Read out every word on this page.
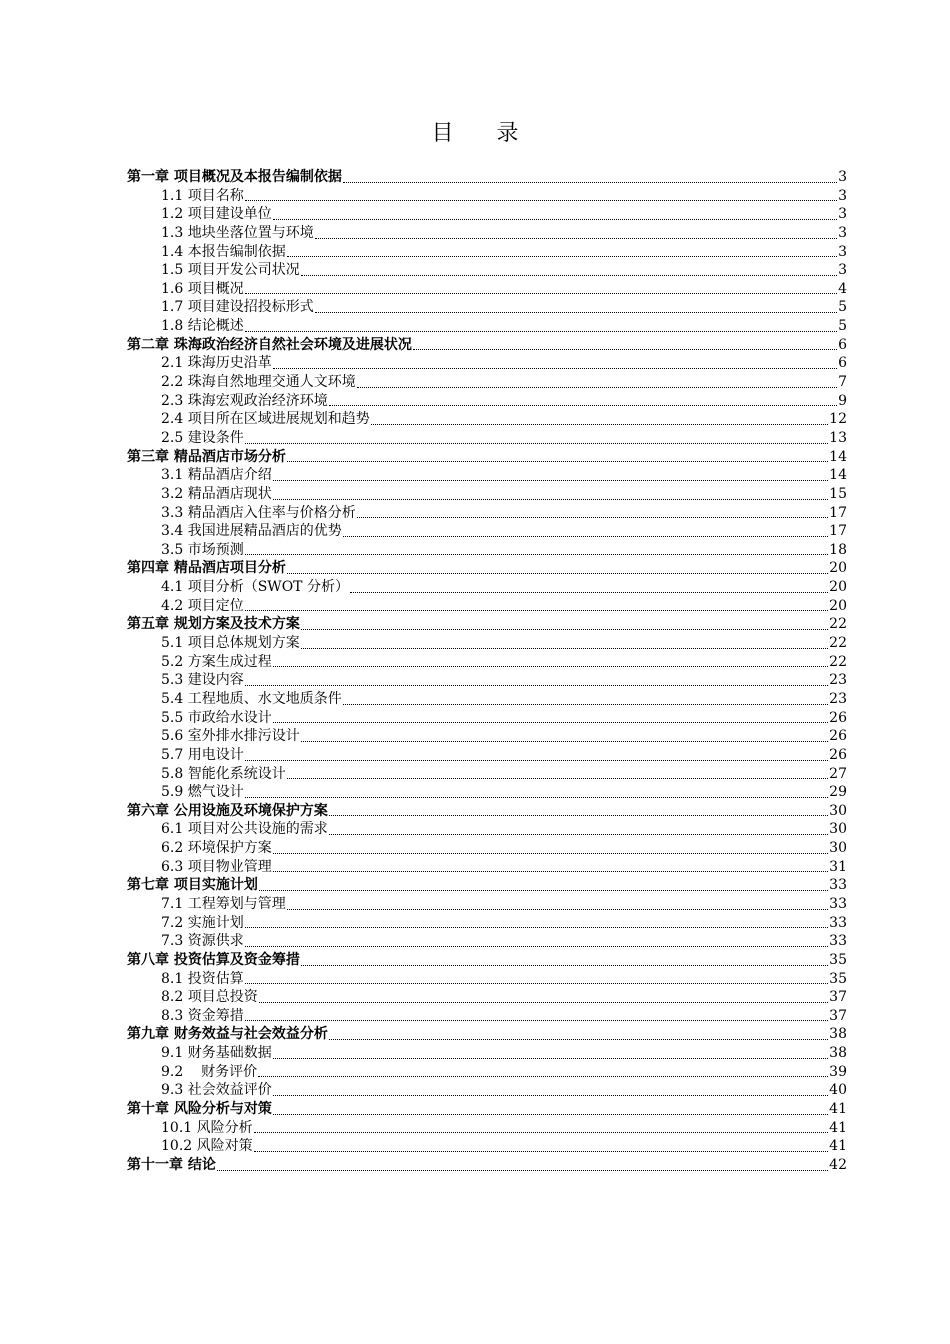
目 录
第一章 项目概况及本报告编制依据	3
1.1 项目名称	3
1.2 项目建设单位	3
1.3 地块坐落位置与环境	3
1.4 本报告编制依据	3
1.5 项目开发公司状况	3
1.6 项目概况	4
1.7 项目建设招投标形式	5
1.8 结论概述	5
第二章 珠海政治经济自然社会环境及进展状况	6
2.1 珠海历史沿革	6
2.2 珠海自然地理交通人文环境	7
2.3 珠海宏观政治经济环境	9
2.4 项目所在区域进展规划和趋势	12
2.5 建设条件	13
第三章 精品酒店市场分析	14
3.1 精品酒店介绍	14
3.2 精品酒店现状	15
3.3 精品酒店入住率与价格分析	17
3.4 我国进展精品酒店的优势	17
3.5 市场预测	18
第四章 精品酒店项目分析	20
4.1 项目分析（SWOT 分析）	20
4.2 项目定位	20
第五章 规划方案及技术方案	22
5.1 项目总体规划方案	22
5.2 方案生成过程	22
5.3 建设内容	23
5.4 工程地质、水文地质条件	23
5.5 市政给水设计	26
5.6 室外排水排污设计	26
5.7 用电设计	26
5.8 智能化系统设计	27
5.9 燃气设计	29
第六章 公用设施及环境保护方案	30
6.1 项目对公共设施的需求	30
6.2 环境保护方案	30
6.3 项目物业管理	31
第七章 项目实施计划	33
7.1 工程筹划与管理	33
7.2 实施计划	33
7.3 资源供求	33
第八章 投资估算及资金筹措	35
8.1 投资估算	35
8.2 项目总投资	37
8.3 资金筹措	37
第九章 财务效益与社会效益分析	38
9.1 财务基础数据	38
9.2    财务评价	39
9.3 社会效益评价	40
第十章 风险分析与对策	41
10.1 风险分析	41
10.2 风险对策	41
第十一章 结论	42
